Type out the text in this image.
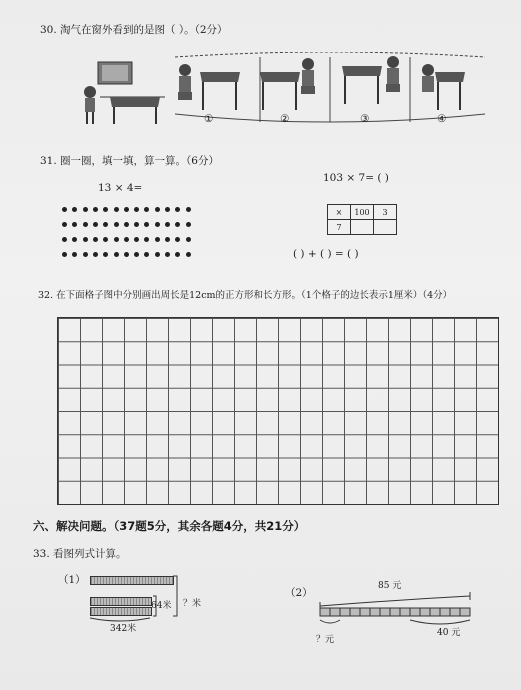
30. 淘气在窗外看到的是图（ ）。（2分）
①	②	③	④
31. 圈一圈，填一填，算一算。（6分）
13 × 4=
103 × 7= ( )
×	100	3
7		
( ) + ( ) = ( )
32. 在下面格子图中分别画出周长是12cm的正方形和长方形。（1个格子的边长表示1厘米）（4分）
六、解决问题。（37题5分，其余各题4分，共21分）
33. 看图列式计算。
（1）
64米 ？米
342米
（2）
85 元
40 元
？元
